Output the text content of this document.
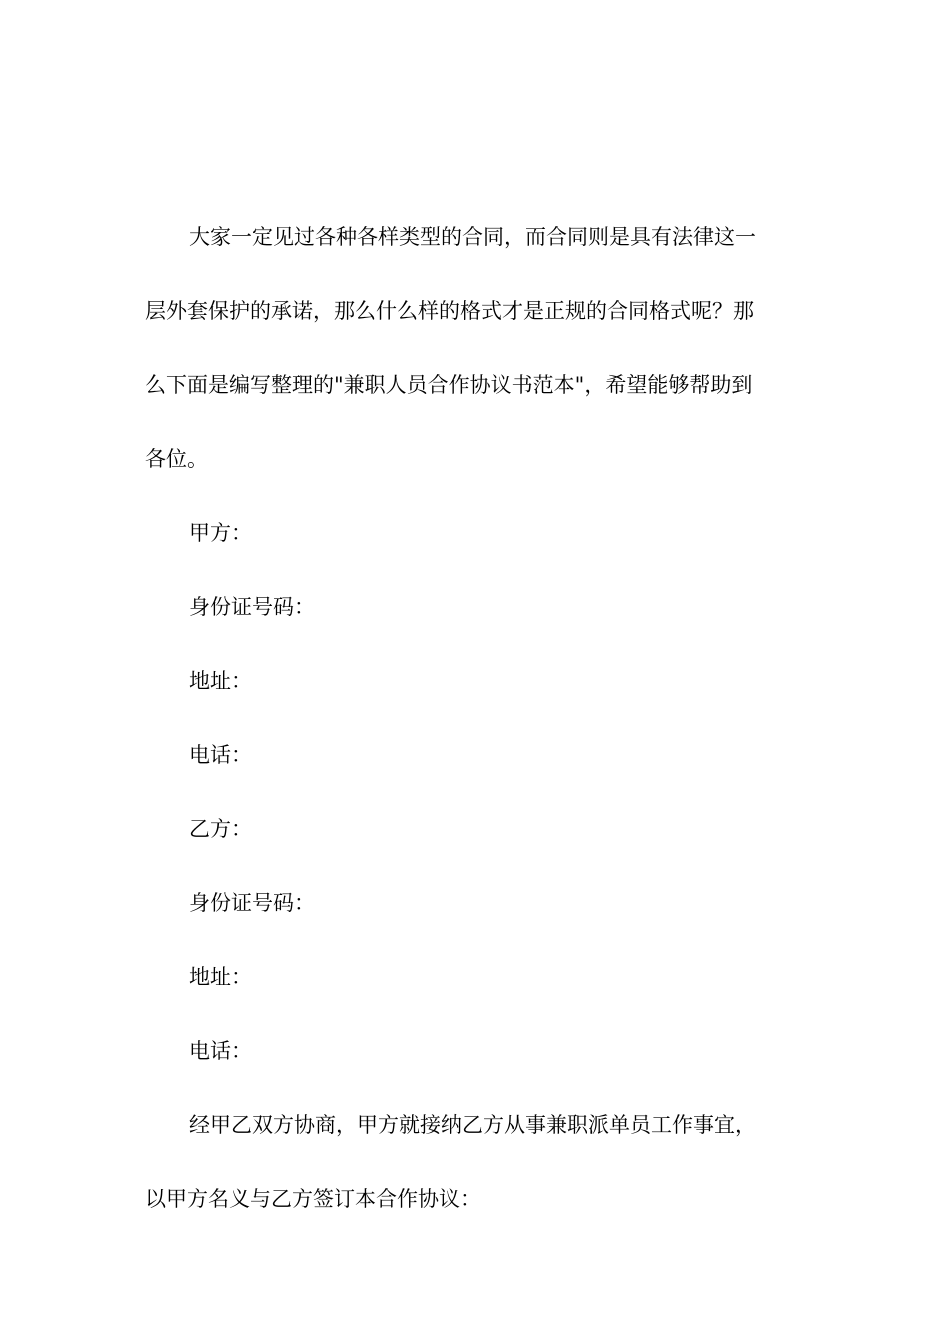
大家一定见过各种各样类型的合同，而合同则是具有法律这一
层外套保护的承诺，那么什么样的格式才是正规的合同格式呢？那
么下面是编写整理的"兼职人员合作协议书范本"，希望能够帮助到
各位。
甲方：
身份证号码：
地址：
电话：
乙方：
身份证号码：
地址：
电话：
经甲乙双方协商，甲方就接纳乙方从事兼职派单员工作事宜，
以甲方名义与乙方签订本合作协议：
